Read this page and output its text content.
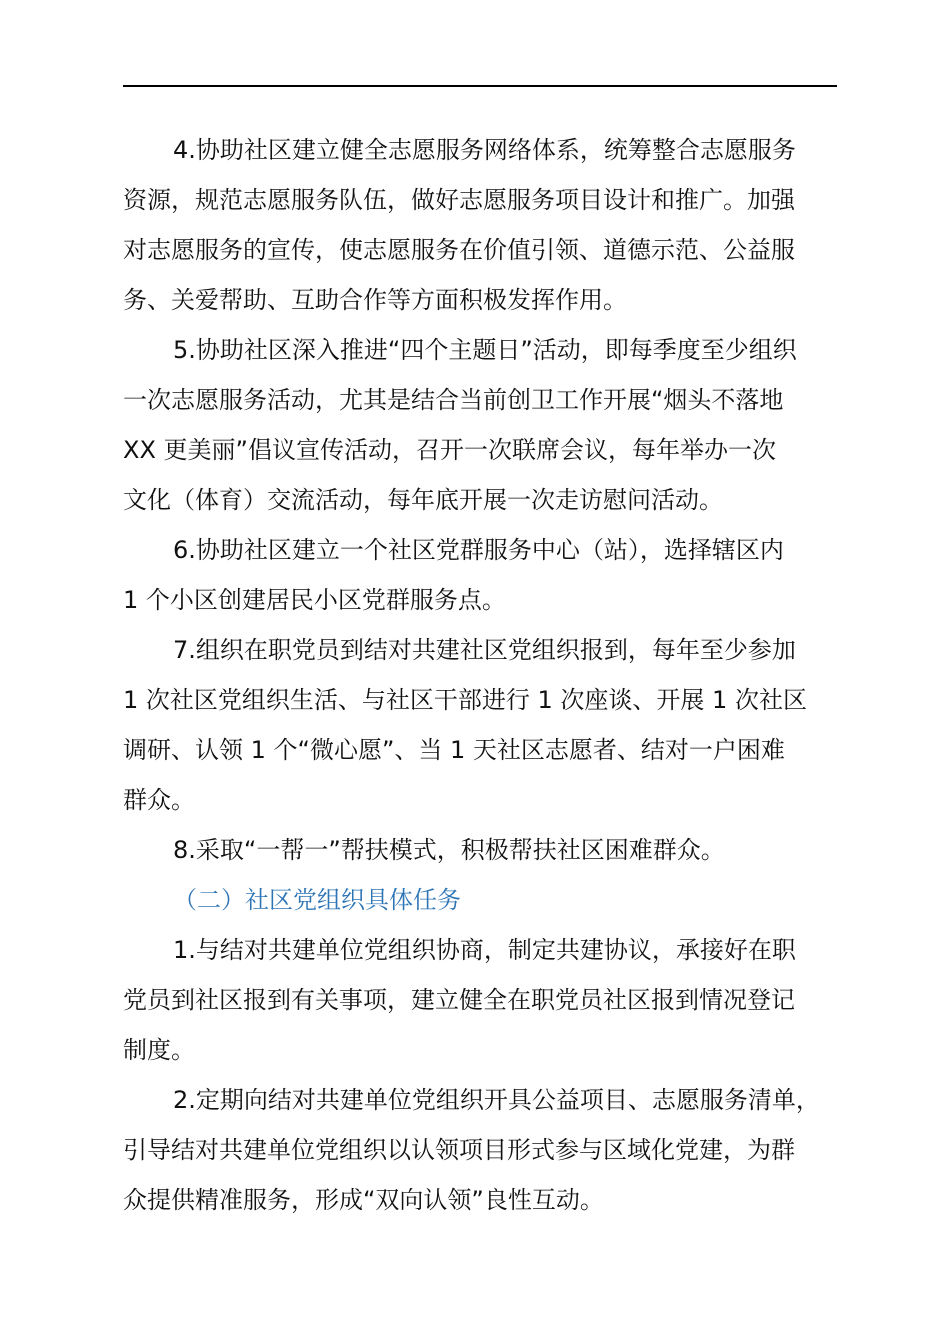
4.协助社区建立健全志愿服务网络体系，统筹整合志愿服务
资源，规范志愿服务队伍，做好志愿服务项目设计和推广。加强
对志愿服务的宣传，使志愿服务在价值引领、道德示范、公益服
务、关爱帮助、互助合作等方面积极发挥作用。
5.协助社区深入推进“四个主题日”活动，即每季度至少组织
一次志愿服务活动，尤其是结合当前创卫工作开展“烟头不落地
XX 更美丽”倡议宣传活动，召开一次联席会议，每年举办一次
文化（体育）交流活动，每年底开展一次走访慰问活动。
6.协助社区建立一个社区党群服务中心（站），选择辖区内
1 个小区创建居民小区党群服务点。
7.组织在职党员到结对共建社区党组织报到，每年至少参加
1 次社区党组织生活、与社区干部进行 1 次座谈、开展 1 次社区
调研、认领 1 个“微心愿”、当 1 天社区志愿者、结对一户困难
群众。
8.采取“一帮一”帮扶模式，积极帮扶社区困难群众。
（二）社区党组织具体任务
1.与结对共建单位党组织协商，制定共建协议，承接好在职
党员到社区报到有关事项，建立健全在职党员社区报到情况登记
制度。
2.定期向结对共建单位党组织开具公益项目、志愿服务清单，
引导结对共建单位党组织以认领项目形式参与区域化党建，为群
众提供精准服务，形成“双向认领”良性互动。
